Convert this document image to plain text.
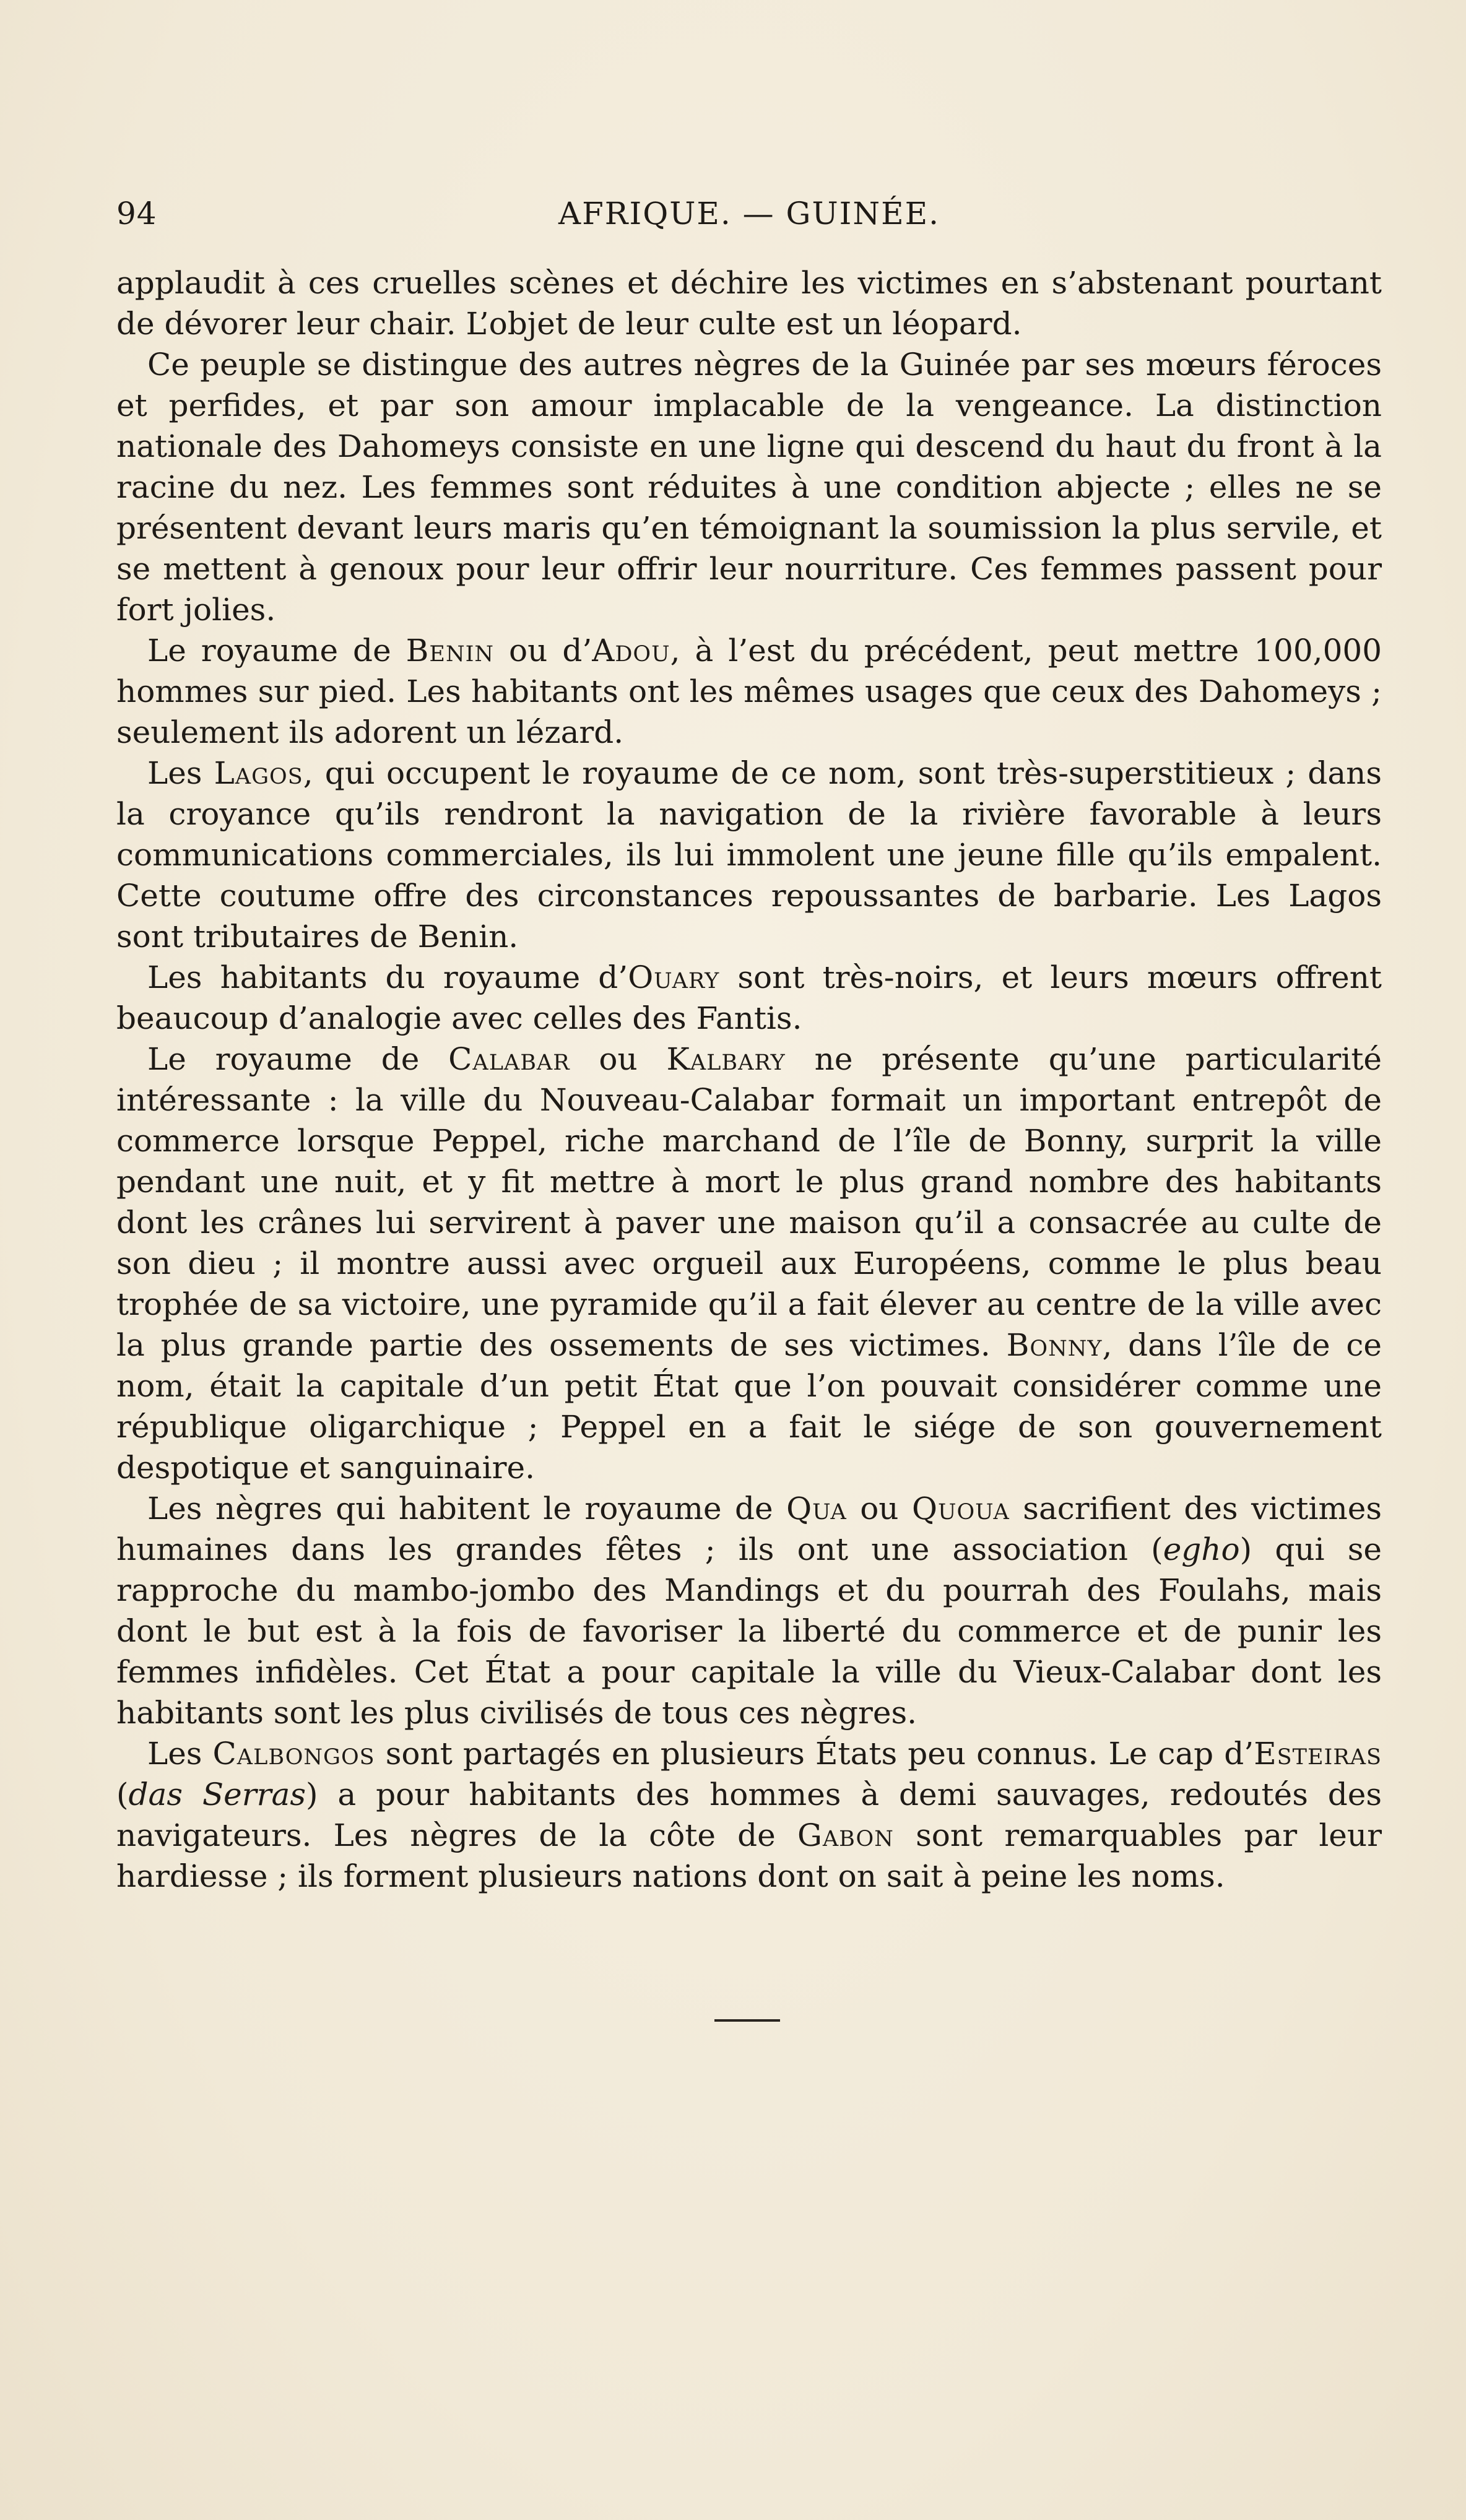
94	AFRIQUE. — GUINÉE.

applaudit à ces cruelles scènes et déchire les victimes en s’abstenant pourtant de dévorer leur chair. L’objet de leur culte est un léopard.

Ce peuple se distingue des autres nègres de la Guinée par ses mœurs féroces et perfides, et par son amour implacable de la vengeance. La distinction nationale des Dahomeys consiste en une ligne qui descend du haut du front à la racine du nez. Les femmes sont réduites à une condition abjecte ; elles ne se présentent devant leurs maris qu’en témoignant la soumission la plus servile, et se mettent à genoux pour leur offrir leur nourriture. Ces femmes passent pour fort jolies.

Le royaume de Benin ou d’Adou, à l’est du précédent, peut mettre 100,000 hommes sur pied. Les habitants ont les mêmes usages que ceux des Dahomeys ; seulement ils adorent un lézard.

Les Lagos, qui occupent le royaume de ce nom, sont très-superstitieux ; dans la croyance qu’ils rendront la navigation de la rivière favorable à leurs communications commerciales, ils lui immolent une jeune fille qu’ils empalent. Cette coutume offre des circonstances repoussantes de barbarie. Les Lagos sont tributaires de Benin.

Les habitants du royaume d’Ouary sont très-noirs, et leurs mœurs offrent beaucoup d’analogie avec celles des Fantis.

Le royaume de Calabar ou Kalbary ne présente qu’une particularité intéressante : la ville du Nouveau-Calabar formait un important entrepôt de commerce lorsque Peppel, riche marchand de l’île de Bonny, surprit la ville pendant une nuit, et y fit mettre à mort le plus grand nombre des habitants dont les crânes lui servirent à paver une maison qu’il a consacrée au culte de son dieu ; il montre aussi avec orgueil aux Européens, comme le plus beau trophée de sa victoire, une pyramide qu’il a fait élever au centre de la ville avec la plus grande partie des ossements de ses victimes. Bonny, dans l’île de ce nom, était la capitale d’un petit État que l’on pouvait considérer comme une république oligarchique ; Peppel en a fait le siége de son gouvernement despotique et sanguinaire.

Les nègres qui habitent le royaume de Qua ou Quoua sacrifient des victimes humaines dans les grandes fêtes ; ils ont une association (egho) qui se rapproche du mambo-jombo des Mandings et du pourrah des Foulahs, mais dont le but est à la fois de favoriser la liberté du commerce et de punir les femmes infidèles. Cet État a pour capitale la ville du Vieux-Calabar dont les habitants sont les plus civilisés de tous ces nègres.

Les Calbongos sont partagés en plusieurs États peu connus. Le cap d’Esteiras (das Serras) a pour habitants des hommes à demi sauvages, redoutés des navigateurs. Les nègres de la côte de Gabon sont remarquables par leur hardiesse ; ils forment plusieurs nations dont on sait à peine les noms.
